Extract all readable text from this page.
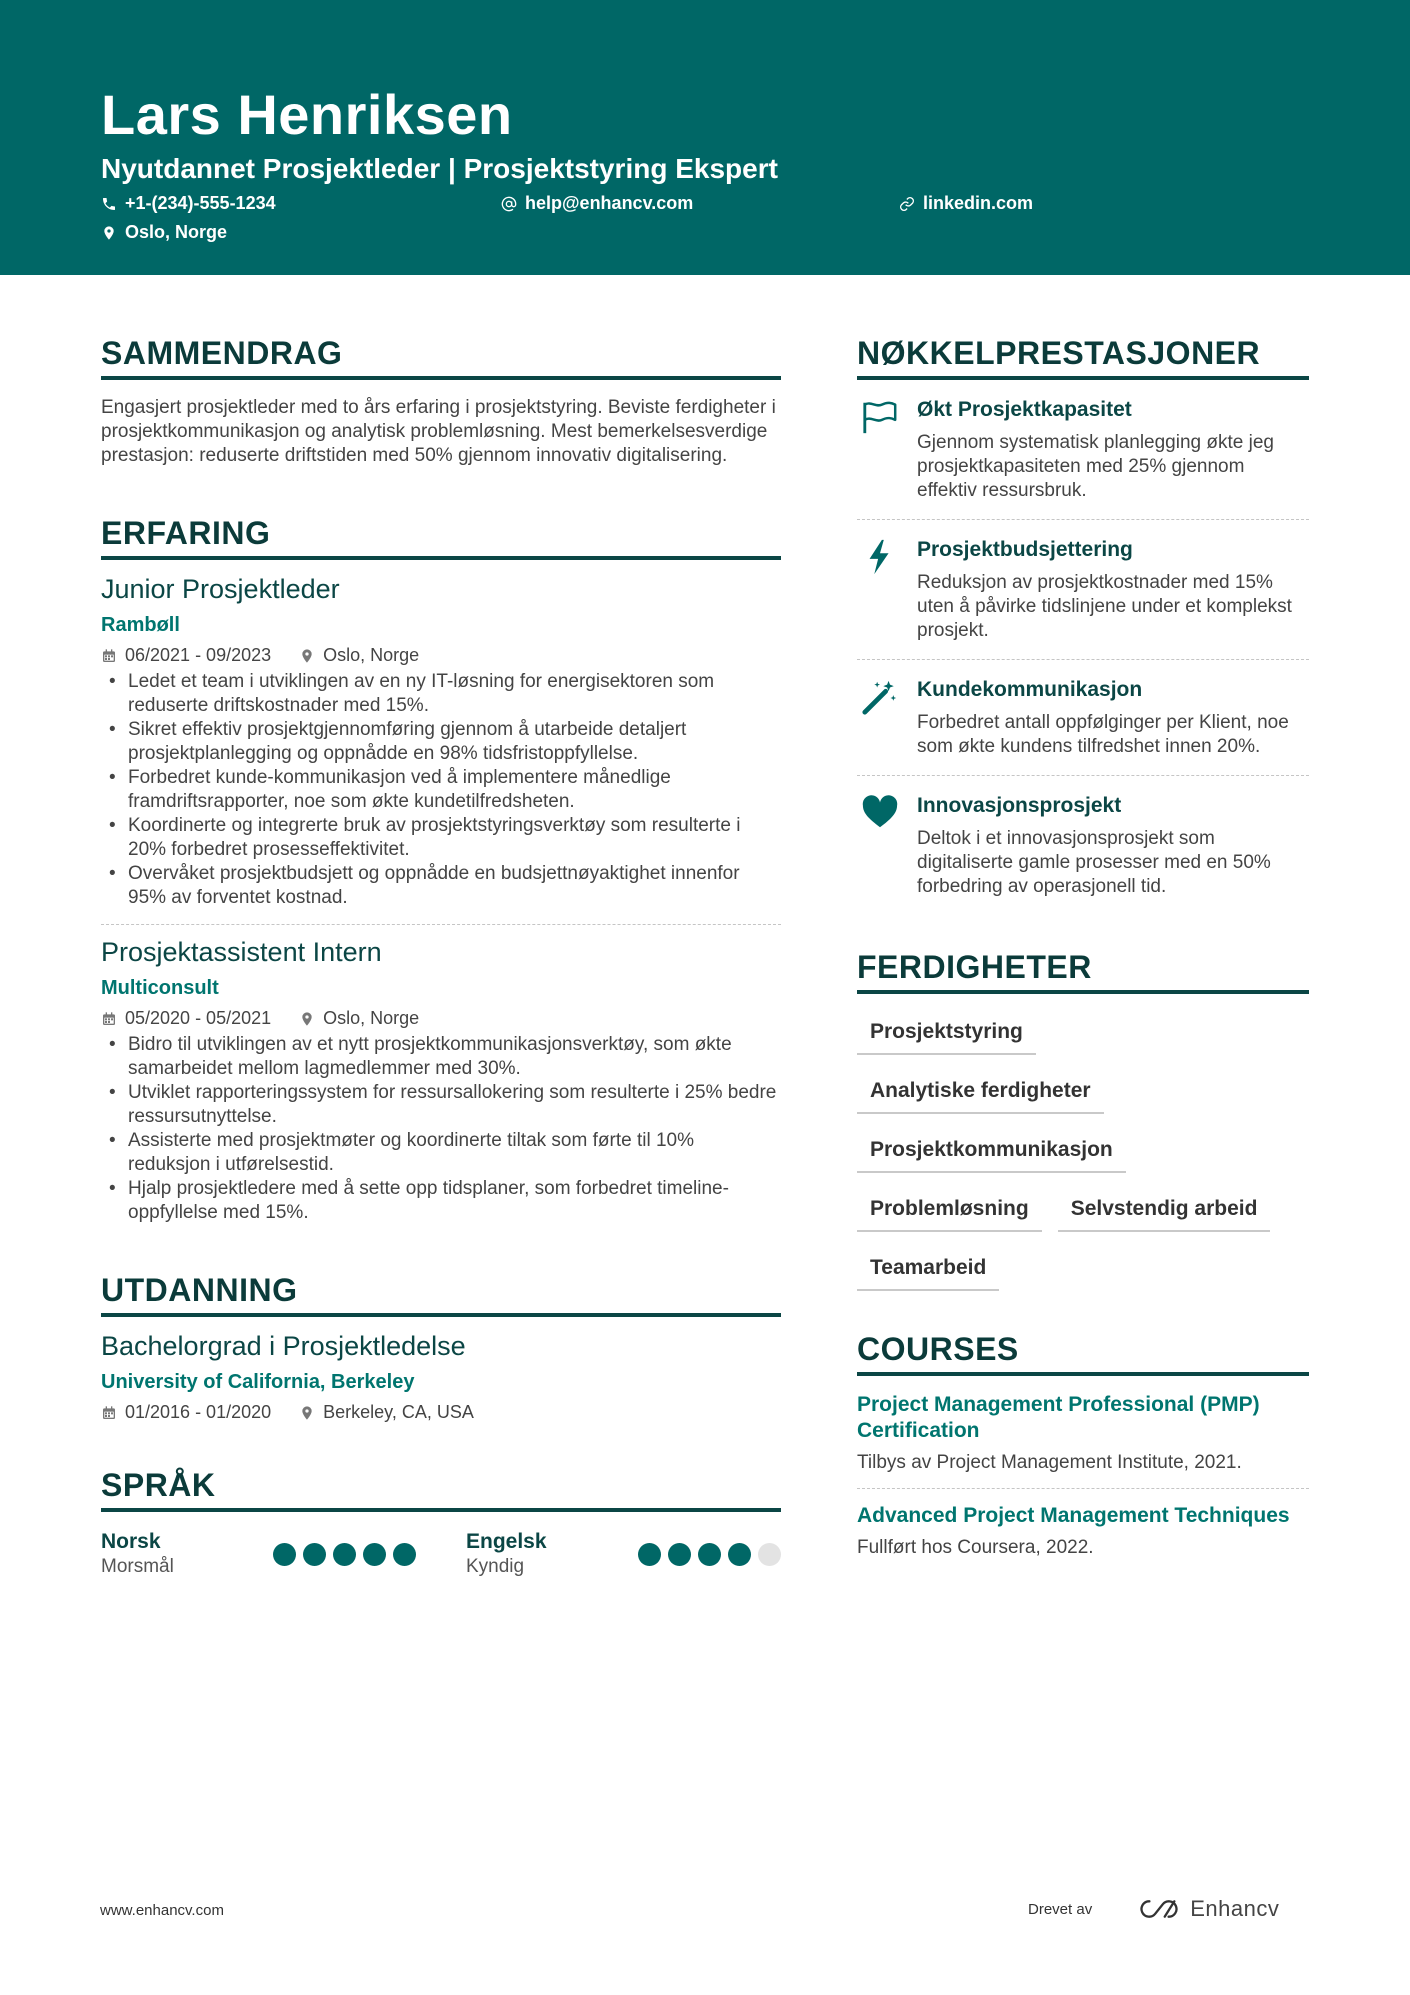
Lars Henriksen
Nyutdannet Prosjektleder | Prosjektstyring Ekspert
+1-(234)-555-1234	help@enhancv.com	linkedin.com
Oslo, Norge
SAMMENDRAG

Engasjert prosjektleder med to års erfaring i prosjektstyring. Beviste ferdigheter i prosjektkommunikasjon og analytisk problemløsning. Mest bemerkelsesverdige prestasjon: reduserte driftstiden med 50% gjennom innovativ digitalisering.

ERFARING
Junior Prosjektleder
Rambøll
06/2021 - 09/2023	Oslo, Norge
• Ledet et team i utviklingen av en ny IT-løsning for energisektoren som reduserte driftskostnader med 15%.
• Sikret effektiv prosjektgjennomføring gjennom å utarbeide detaljert prosjektplanlegging og oppnådde en 98% tidsfristoppfyllelse.
• Forbedret kunde-kommunikasjon ved å implementere månedlige framdriftsrapporter, noe som økte kundetilfredsheten.
• Koordinerte og integrerte bruk av prosjektstyringsverktøy som resulterte i 20% forbedret prosesseffektivitet.
• Overvåket prosjektbudsjett og oppnådde en budsjettnøyaktighet innenfor 95% av forventet kostnad.
Prosjektassistent Intern
Multiconsult
05/2020 - 05/2021	Oslo, Norge
• Bidro til utviklingen av et nytt prosjektkommunikasjonsverktøy, som økte samarbeidet mellom lagmedlemmer med 30%.
• Utviklet rapporteringssystem for ressursallokering som resulterte i 25% bedre ressursutnyttelse.
• Assisterte med prosjektmøter og koordinerte tiltak som førte til 10% reduksjon i utførelsestid.
• Hjalp prosjektledere med å sette opp tidsplaner, som forbedret timeline-oppfyllelse med 15%.
UTDANNING
Bachelorgrad i Prosjektledelse
University of California, Berkeley
01/2016 - 01/2020	Berkeley, CA, USA
SPRÅK
Norsk
Morsmål
Engelsk
Kyndig
NØKKELPRESTASJONER
Økt Prosjektkapasitet
Gjennom systematisk planlegging økte jeg prosjektkapasiteten med 25% gjennom effektiv ressursbruk.
Prosjektbudsjettering
Reduksjon av prosjektkostnader med 15% uten å påvirke tidslinjene under et komplekst prosjekt.
Kundekommunikasjon
Forbedret antall oppfølginger per Klient, noe som økte kundens tilfredshet innen 20%.
Innovasjonsprosjekt
Deltok i et innovasjonsprosjekt som digitaliserte gamle prosesser med en 50% forbedring av operasjonell tid.
FERDIGHETER
Prosjektstyring
Analytiske ferdigheter
Prosjektkommunikasjon
Problemløsning	Selvstendig arbeid
Teamarbeid
COURSES
Project Management Professional (PMP) Certification
Tilbys av Project Management Institute, 2021.
Advanced Project Management Techniques
Fullført hos Coursera, 2022.
www.enhancv.com	Drevet av	Enhancv
